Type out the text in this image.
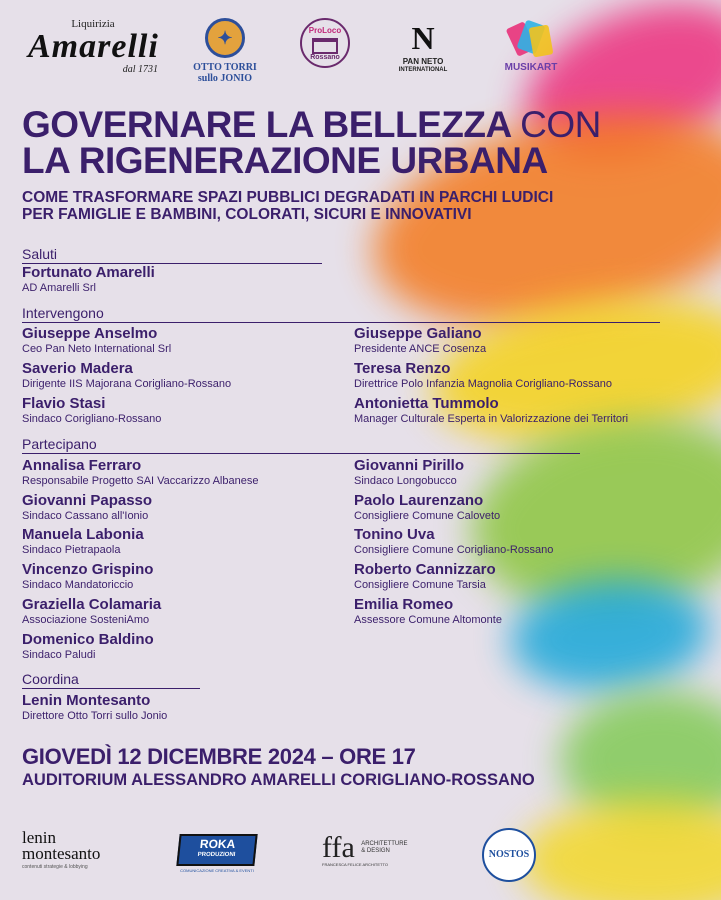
Liquirizia
Amarelli
dal 1731
✦
OTTO TORRI
sullo JONIO
ProLoco
Rossano
N
PAN NETO
INTERNATIONAL	MUSIKART
GOVERNARE LA BELLEZZA CON
LA RIGENERAZIONE URBANA
COME TRASFORMARE SPAZI PUBBLICI DEGRADATI IN PARCHI LUDICI
PER FAMIGLIE E BAMBINI, COLORATI, SICURI E INNOVATIVI
Saluti
Fortunato Amarelli
AD Amarelli Srl
Intervengono
Giuseppe Anselmo
Ceo Pan Neto International Srl
Saverio Madera
Dirigente IIS Majorana Corigliano-Rossano
Flavio Stasi
Sindaco Corigliano-Rossano
Giuseppe Galiano
Presidente ANCE Cosenza
Teresa Renzo
Direttrice Polo Infanzia Magnolia Corigliano-Rossano
Antonietta Tummolo
Manager Culturale Esperta in Valorizzazione dei Territori
Partecipano
Annalisa Ferraro
Responsabile Progetto SAI Vaccarizzo Albanese
Giovanni Papasso
Sindaco Cassano all'Ionio
Manuela Labonia
Sindaco Pietrapaola
Vincenzo Grispino
Sindaco Mandatoriccio
Graziella Colamaria
Associazione SosteniAmo
Domenico Baldino
Sindaco Paludi
Giovanni Pirillo
Sindaco Longobucco
Paolo Laurenzano
Consigliere Comune Caloveto
Tonino Uva
Consigliere Comune Corigliano-Rossano
Roberto Cannizzaro
Consigliere Comune Tarsia
Emilia Romeo
Assessore Comune Altomonte
Coordina
Lenin Montesanto
Direttore Otto Torri sullo Jonio
GIOVEDÌ 12 DICEMBRE 2024 – ORE 17
AUDITORIUM ALESSANDRO AMARELLI CORIGLIANO-ROSSANO
lenin
montesanto
contenuti strategie & lobbying
ROKA
PRODUZIONI
COMUNICAZIONE CREATIVA & EVENTI
ffa ARCHITETTURE
& DESIGN
FRANCESCA FELICE ARCHITETTO
NOSTOS
